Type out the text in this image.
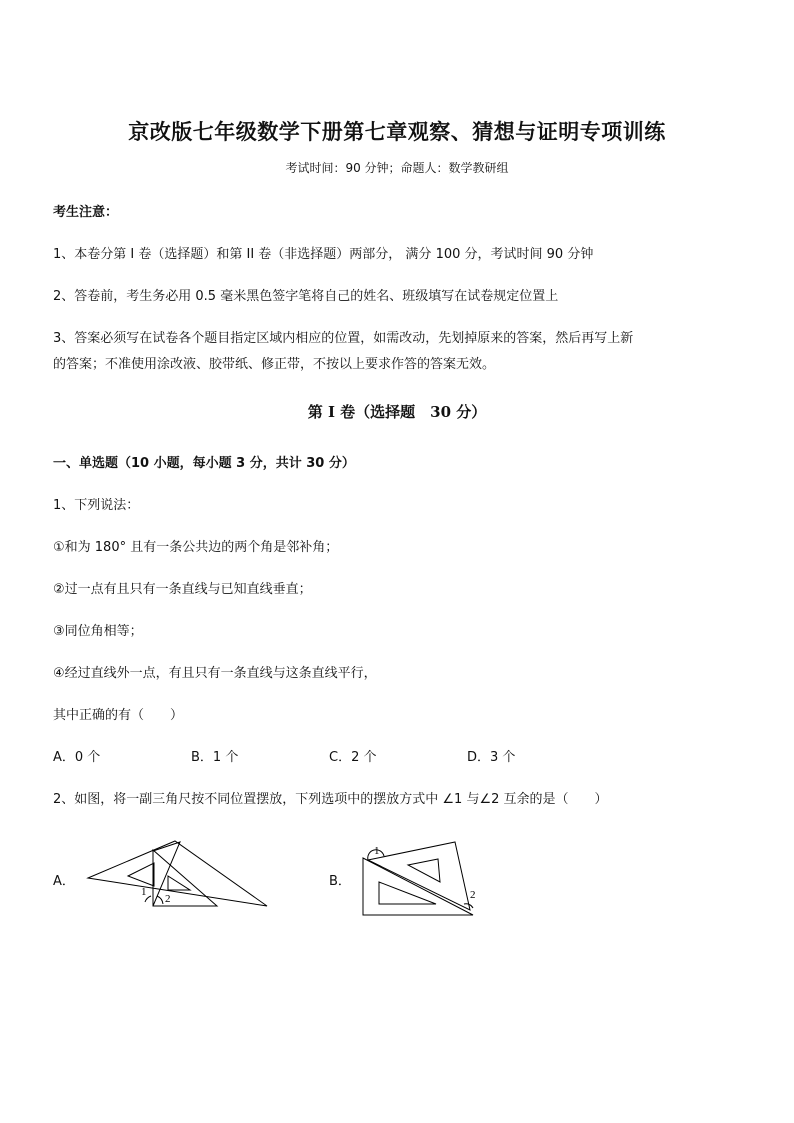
京改版七年级数学下册第七章观察、猜想与证明专项训练
考试时间：90 分钟；命题人：数学教研组
考生注意：
1、本卷分第 I 卷（选择题）和第 II 卷（非选择题）两部分， 满分 100 分，考试时间 90 分钟
2、答卷前，考生务必用 0.5 毫米黑色签字笔将自己的姓名、班级填写在试卷规定位置上
3、答案必须写在试卷各个题目指定区域内相应的位置，如需改动，先划掉原来的答案，然后再写上新
的答案；不准使用涂改液、胶带纸、修正带，不按以上要求作答的答案无效。
第 I 卷（选择题　30 分）
一、单选题（10 小题，每小题 3 分，共计 30 分）
1、下列说法：
①和为 180° 且有一条公共边的两个角是邻补角；
②过一点有且只有一条直线与已知直线垂直；
③同位角相等；
④经过直线外一点，有且只有一条直线与这条直线平行，
其中正确的有（　　）
A．0 个	B．1 个	C．2 个	D．3 个
2、如图，将一副三角尺按不同位置摆放，下列选项中的摆放方式中 ∠1 与∠2 互余的是（　　）
A．	B．
1
2
1
2
